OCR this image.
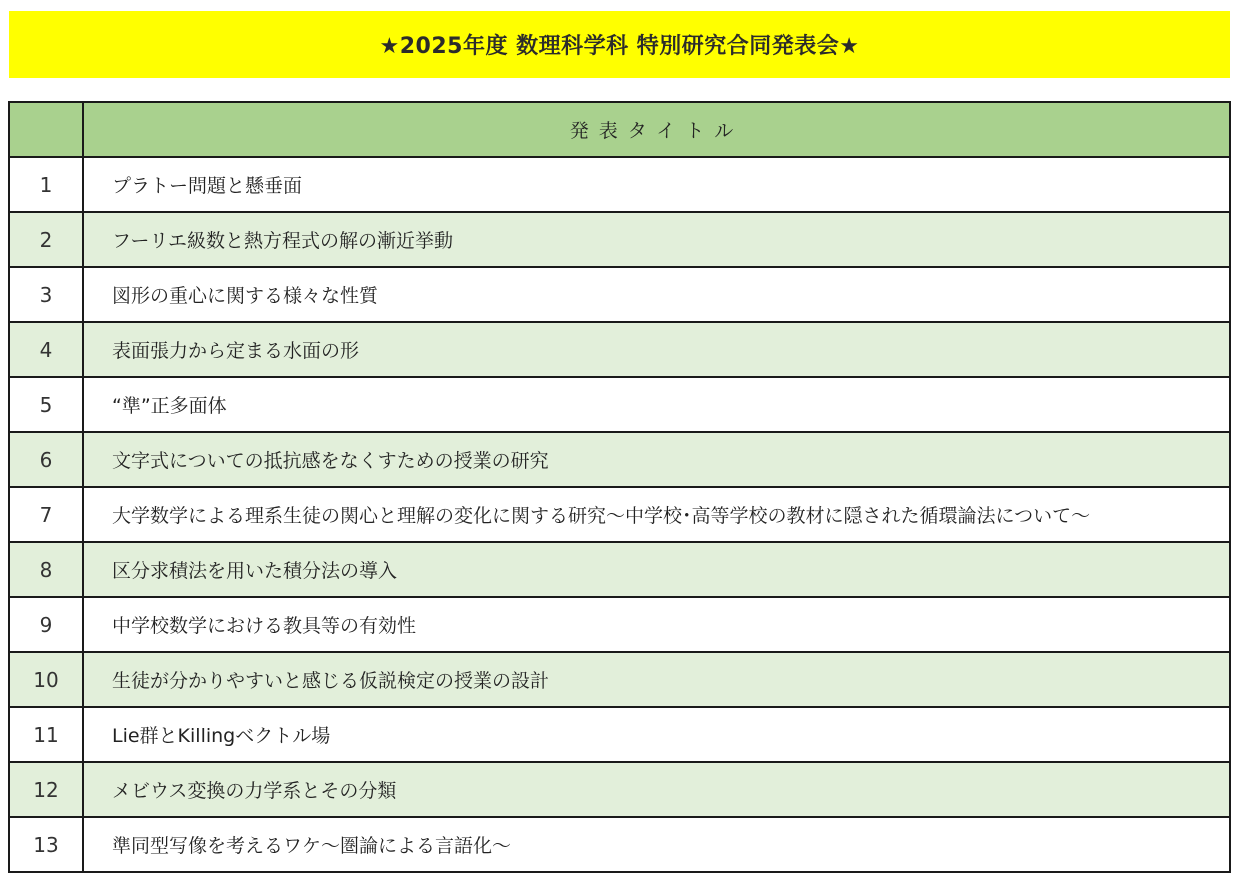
★2025年度 数理科学科 特別研究合同発表会★
発表タイトル
1	プラトー問題と懸垂面
2	フーリエ級数と熱方程式の解の漸近挙動
3	図形の重心に関する様々な性質
4	表面張力から定まる水面の形
5	“準”正多面体
6	文字式についての抵抗感をなくすための授業の研究
7	大学数学による理系生徒の関心と理解の変化に関する研究～中学校･高等学校の教材に隠された循環論法について～
8	区分求積法を用いた積分法の導入
9	中学校数学における教具等の有効性
10	生徒が分かりやすいと感じる仮説検定の授業の設計
11	Lie群とKillingベクトル場
12	メビウス変換の力学系とその分類
13	準同型写像を考えるワケ～圏論による言語化～
